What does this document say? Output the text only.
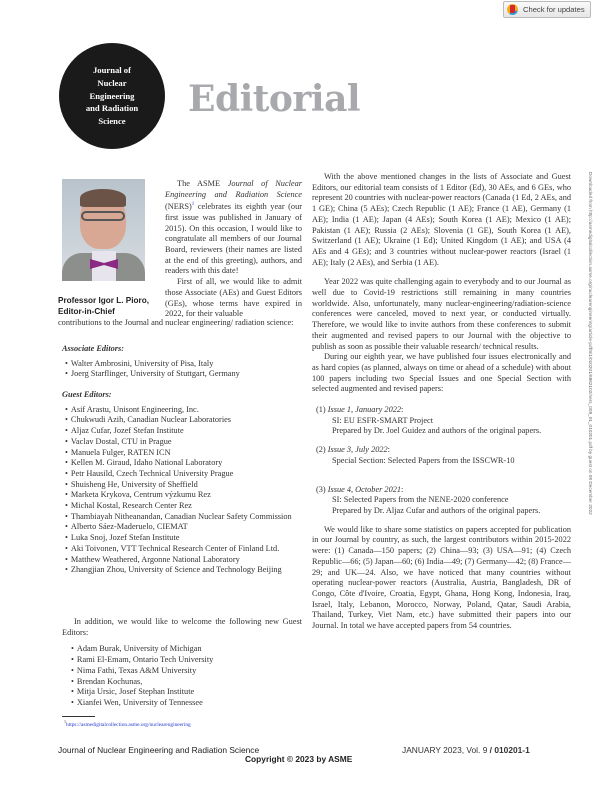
Check for updates
Journal of
Nuclear
Engineering
and Radiation
Science
Editorial
Professor Igor L. Pioro,
Editor-in-Chief

The ASME Journal of Nuclear Engineering and Radiation Science (NERS)$^1$ celebrates its eighth year (our first issue was published in January of 2015). On this occasion, I would like to congratulate all members of our Journal Board, reviewers (their names are listed at the end of this greeting), authors, and readers with this date!

First of all, we would like to admit those Associate (AEs) and Guest Editors (GEs), whose terms have expired in 2022, for their valuable

contributions to the Journal and nuclear engineering/ radiation science:
Associate Editors:
• Walter Ambrosini, University of Pisa, Italy
• Joerg Starflinger, University of Stuttgart, Germany
Guest Editors:
• Asif Arastu, Unisont Engineering, Inc.
• Chukwudi Azih, Canadian Nuclear Laboratories
• Aljaz Cufar, Jozef Stefan Institute
• Vaclav Dostal, CTU in Prague
• Manuela Fulger, RATEN ICN
• Kellen M. Giraud, Idaho National Laboratory
• Petr Hausild, Czech Technical University Prague
• Shuisheng He, University of Sheffield
• Marketa Krykova, Centrum výzkumu Rez
• Michal Kostal, Research Center Rez
• Thambiayah Nitheanandan, Canadian Nuclear Safety Commission
• Alberto Sáez-Maderuelo, CIEMAT
• Luka Snoj, Jozef Stefan Institute
• Aki Toivonen, VTT Technical Research Center of Finland Ltd.
• Matthew Weathered, Argonne National Laboratory
• Zhangjian Zhou, University of Science and Technology Beijing

In addition, we would like to welcome the following new Guest Editors:

• Adam Burak, University of Michigan
• Rami El-Emam, Ontario Tech University
• Nima Fathi, Texas A&M University
• Brendan Kochunas,
• Mitja Ursic, Josef Stephan Institute
• Xianfei Wen, University of Tennessee
$^1$https://asmedigitalcollection.asme.org/nuclearengineering

With the above mentioned changes in the lists of Associate and Guest Editors, our editorial team consists of 1 Editor (Ed), 30 AEs, and 6 GEs, who represent 20 countries with nuclear-power reactors (Canada (1 Ed, 2 AEs, and 1 GE); China (5 AEs); Czech Republic (1 AE); France (1 AE), Germany (1 AE); India (1 AE); Japan (4 AEs); South Korea (1 AE); Mexico (1 AE); Pakistan (1 AE); Russia (2 AEs); Slovenia (1 GE), South Korea (1 AE), Switzerland (1 AE); Ukraine (1 Ed); United Kingdom (1 AE); and USA (4 AEs and 4 GEs); and 3 countries without nuclear-power reactors (Israel (1 AE); Italy (2 AEs), and Serbia (1 AE).

Year 2022 was quite challenging again to everybody and to our Journal as well due to Covid-19 restrictions still remaining in many countries worldwide. Also, unfortunately, many nuclear-engineering/radiation-science conferences were canceled, moved to next year, or conducted virtually. Therefore, we would like to invite authors from these conferences to submit their augmented and revised papers to our Journal with the objective to publish as soon as possible their valuable research/ technical results.

During our eighth year, we have published four issues electronically and as hard copies (as planned, always on time or ahead of a schedule) with about 100 papers including two Special Issues and one Special Section with selected augmented and revised papers:

(1) Issue 1, January 2022:
SI: EU ESFR-SMART Project
Prepared by Dr. Joel Guidez and authors of the original papers.
(2) Issue 3, July 2022:
Special Section: Selected Papers from the ISSCWR-10
(3) Issue 4, October 2021:
SI: Selected Papers from the NENE-2020 conference
Prepared by Dr. Aljaz Cufar and authors of the original papers.

We would like to share some statistics on papers accepted for publication in our Journal by country, as such, the largest contributors within 2015-2022 were: (1) Canada—150 papers; (2) China—93; (3) USA—91; (4) Czech Republic—66; (5) Japan—60; (6) India—49; (7) Germany—42; (8) France—29; and UK—24. Also, we have noticed that many countries without operating nuclear-power reactors (Australia, Austria, Bangladesh, DR of Congo, Côte d'Ivoire, Croatia, Egypt, Ghana, Hong Kong, Indonesia, Iraq, Israel, Italy, Lebanon, Morocco, Norway, Poland, Qatar, Saudi Arabia, Thailand, Turkey, Viet Nam, etc.) have submitted their papers into our Journal. In total we have accepted papers from 54 countries.

Journal of Nuclear Engineering and Radiation Science
Copyright © 2023 by ASME
JANUARY 2023, Vol. 9 / 010201-1
Downloaded from http://asmedigitalcollection.asme.org/nuclearengineering/article-pdf/9/1/010201/6962102/ners_009_01_010201.pdf by guest on 08 December 2022
